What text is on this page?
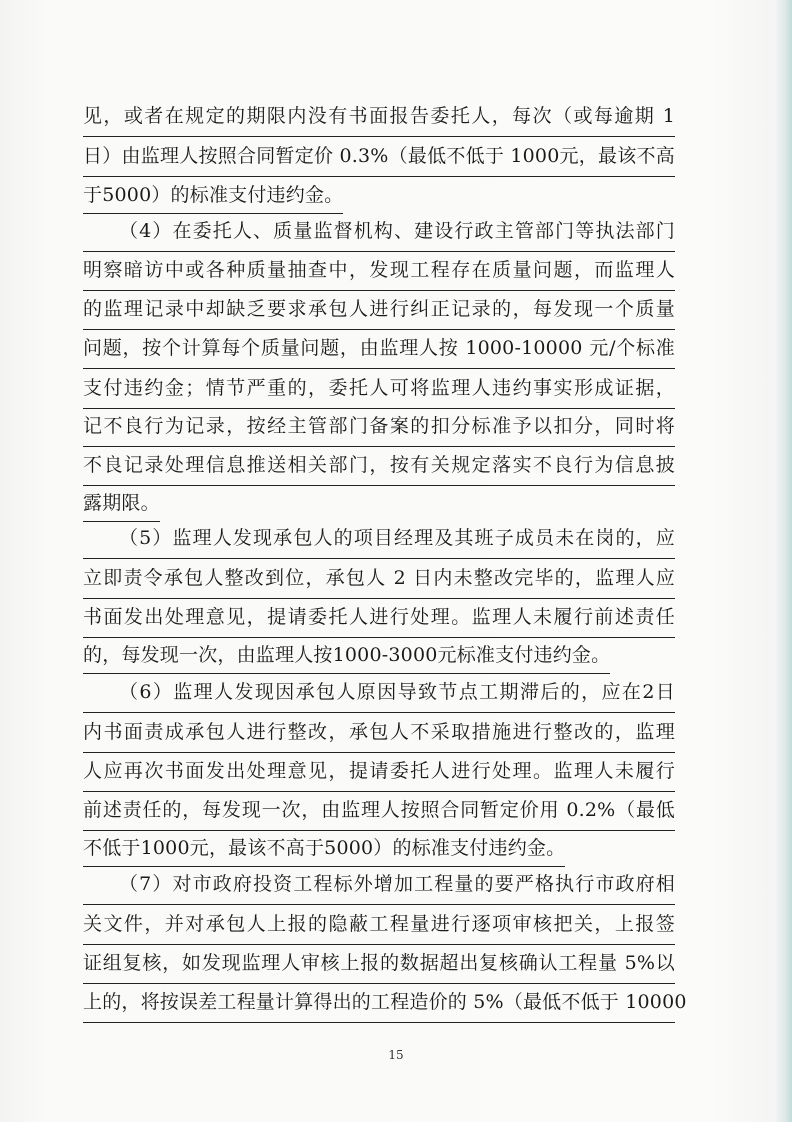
见，或者在规定的期限内没有书面报告委托人，每次（或每逾期 1
日）由监理人按照合同暂定价 0.3%（最低不低于 1000元，最该不高
于5000）的标准支付违约金。
（4）在委托人、质量监督机构、建设行政主管部门等执法部门
明察暗访中或各种质量抽查中，发现工程存在质量问题，而监理人
的监理记录中却缺乏要求承包人进行纠正记录的，每发现一个质量
问题，按个计算每个质量问题，由监理人按 1000-10000 元/个标准
支付违约金；情节严重的，委托人可将监理人违约事实形成证据，
记不良行为记录，按经主管部门备案的扣分标准予以扣分，同时将
不良记录处理信息推送相关部门，按有关规定落实不良行为信息披
露期限。
（5）监理人发现承包人的项目经理及其班子成员未在岗的，应
立即责令承包人整改到位，承包人 2 日内未整改完毕的，监理人应
书面发出处理意见，提请委托人进行处理。监理人未履行前述责任
的，每发现一次，由监理人按1000-3000元标准支付违约金。
（6）监理人发现因承包人原因导致节点工期滞后的，应在2日
内书面责成承包人进行整改，承包人不采取措施进行整改的，监理
人应再次书面发出处理意见，提请委托人进行处理。监理人未履行
前述责任的，每发现一次，由监理人按照合同暂定价用 0.2%（最低
不低于1000元，最该不高于5000）的标准支付违约金。
（7）对市政府投资工程标外增加工程量的要严格执行市政府相
关文件，并对承包人上报的隐蔽工程量进行逐项审核把关，上报签
证组复核，如发现监理人审核上报的数据超出复核确认工程量 5%以
上的，将按误差工程量计算得出的工程造价的 5%（最低不低于 10000
15
